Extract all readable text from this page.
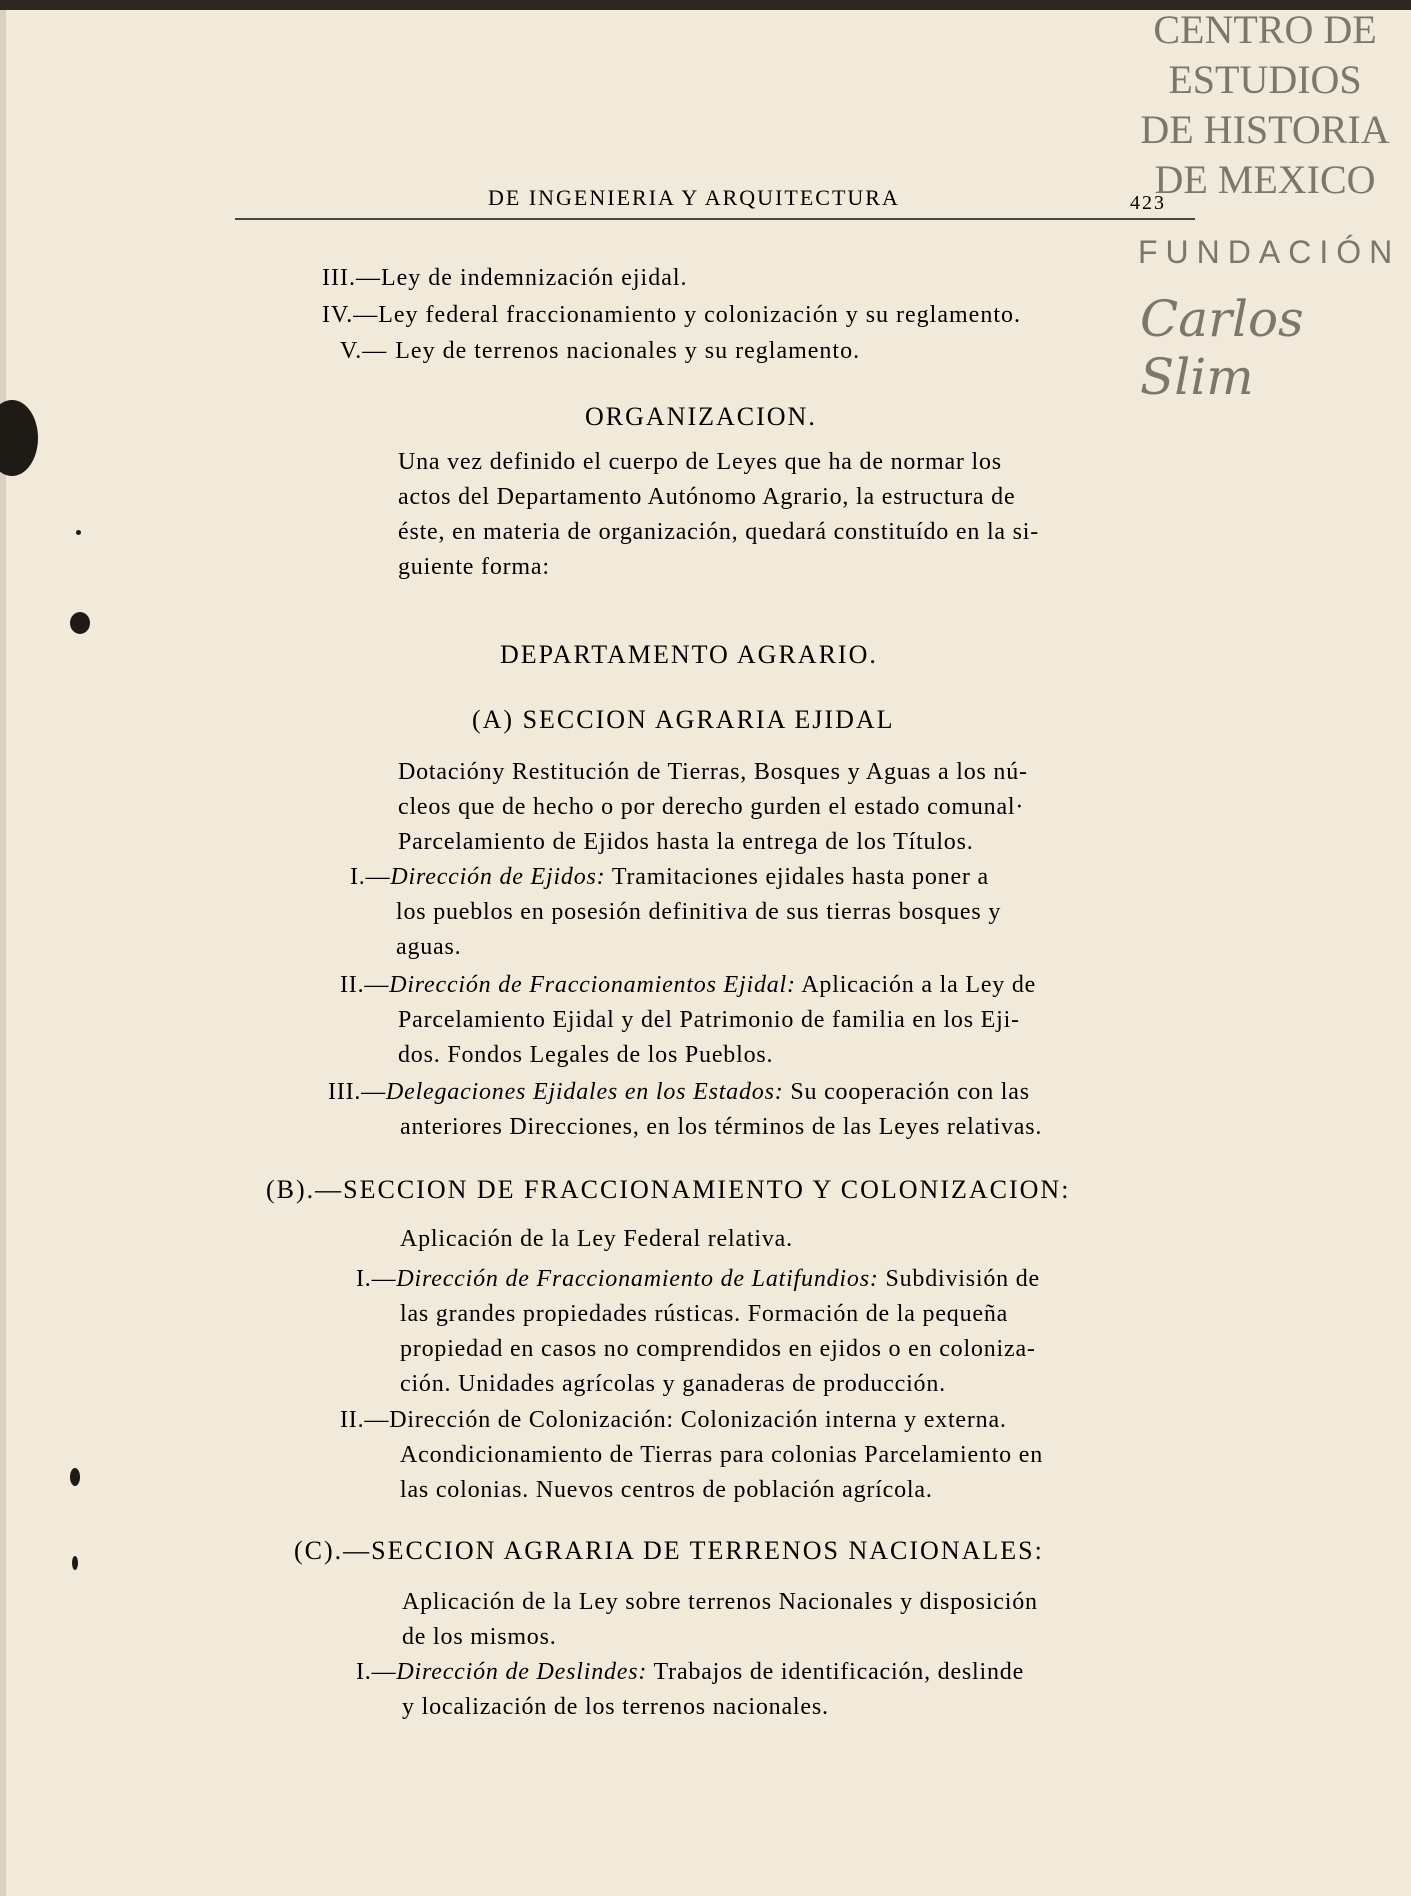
CENTRO DE
ESTUDIOS
DE HISTORIA
DE MEXICO
FUNDACIÓN
Carlos Slim
DE INGENIERIA Y ARQUITECTURA	423
III.—Ley de indemnización ejidal.
IV.—Ley federal fraccionamiento y colonización y su reglamento.
V.— Ley de terrenos nacionales y su reglamento.
ORGANIZACION.
Una vez definido el cuerpo de Leyes que ha de normar los
actos del Departamento Autónomo Agrario, la estructura de
éste, en materia de organización, quedará constituído en la si-
guiente forma:
DEPARTAMENTO AGRARIO.
(A) SECCION AGRARIA EJIDAL
Dotacióny Restitución de Tierras, Bosques y Aguas a los nú-
cleos que de hecho o por derecho gurden el estado comunal·
Parcelamiento de Ejidos hasta la entrega de los Títulos.
I.—Dirección de Ejidos: Tramitaciones ejidales hasta poner a
los pueblos en posesión definitiva de sus tierras bosques y
aguas.
II.—Dirección de Fraccionamientos Ejidal: Aplicación a la Ley de
Parcelamiento Ejidal y del Patrimonio de familia en los Eji-
dos. Fondos Legales de los Pueblos.
III.—Delegaciones Ejidales en los Estados: Su cooperación con las
anteriores Direcciones, en los términos de las Leyes relativas.
(B).—SECCION DE FRACCIONAMIENTO Y COLONIZACION:
Aplicación de la Ley Federal relativa.
I.—Dirección de Fraccionamiento de Latifundios: Subdivisión de
las grandes propiedades rústicas. Formación de la pequeña
propiedad en casos no comprendidos en ejidos o en coloniza-
ción. Unidades agrícolas y ganaderas de producción.
II.—Dirección de Colonización: Colonización interna y externa.
Acondicionamiento de Tierras para colonias Parcelamiento en
las colonias. Nuevos centros de población agrícola.
(C).—SECCION AGRARIA DE TERRENOS NACIONALES:
Aplicación de la Ley sobre terrenos Nacionales y disposición
de los mismos.
I.—Dirección de Deslindes: Trabajos de identificación, deslinde
y localización de los terrenos nacionales.
